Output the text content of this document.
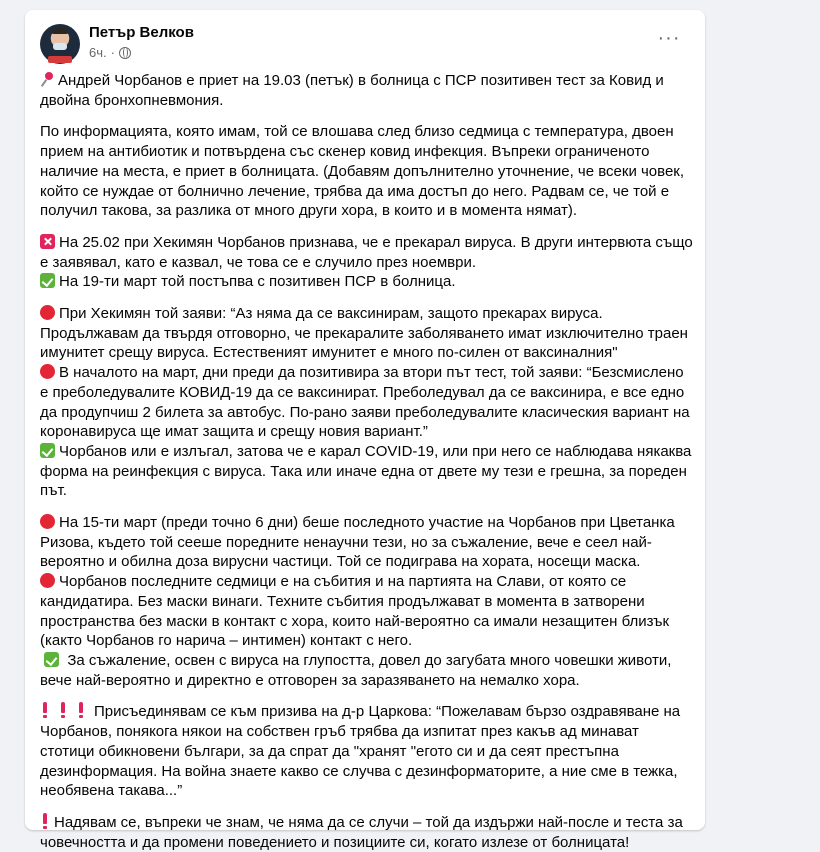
Петър Велков
6ч. ·
···

Андрей Чорбанов е приет на 19.03 (петък) в болница с ПСР позитивен тест за Ковид и двойна бронхопневмония.

По информацията, която имам, той се влошава след близо седмица с температура, двоен прием на антибиотик и потвърдена със скенер ковид инфекция. Въпреки ограниченото наличие на места, е приет в болницата. (Добавям допълнително уточнение, че всеки човек, който се нуждае от болнично лечение, трябва да има достъп до него. Радвам се, че той е получил такова, за разлика от много други хора, в които и в момента нямат).

На 25.02 при Хекимян Чорбанов признава, че е прекарал вируса. В други интервюта също е заявявал, като е казвал, че това се е случило през ноември.

На 19-ти март той постъпва с позитивен ПСР в болница.

При Хекимян той заяви: “Аз няма да се ваксинирам, защото прекарах вируса. Продължавам да твърдя отговорно, че прекаралите заболяването имат изключително траен имунитет срещу вируса. Естественият имунитет е много по-силен от ваксиналния"

В началото на март, дни преди да позитивира за втори път тест, той заяви: “Безсмислено е преболедувалите КОВИД-19 да се ваксинират. Преболедувал да се ваксинира, е все едно да продупчиш 2 билета за автобус. По-рано заяви преболедувалите класическия вариант на коронавируса ще имат защита и срещу новия вариант.”

Чорбанов или е излъгал, затова че е карал COVID-19, или при него се наблюдава някаква форма на реинфекция с вируса. Така или иначе една от двете му тези е грешна, за пореден път.

На 15-ти март (преди точно 6 дни) беше последното участие на Чорбанов при Цветанка Ризова, където той сееше поредните ненаучни тези, но за съжаление, вече е сеел най-вероятно и обилна доза вирусни частици. Той се подиграва на хората, носещи маска.

Чорбанов последните седмици е на събития и на партията на Слави, от която се кандидатира. Без маски винаги. Техните събития продължават в момента в затворени пространства без маски в контакт с хора, които най-вероятно са имали незащитен близък (както Чорбанов го нарича – интимен) контакт с него.

За съжаление, освен с вируса на глупостта, довел до загубата много човешки животи, вече най-вероятно и директно е отговорен за заразяването на немалко хора.

Присъединявам се към призива на д-р Царкова: “Пожелавам бързо оздравяване на Чорбанов, понякога някои на собствен гръб трябва да изпитат през какъв ад минават стотици обикновени българи, за да спрат да "хранят "егото си и да сеят престъпна дезинформация. На война знаете какво се случва с дезинформаторите, а ние сме в тежка, необявена такава...”

Надявам се, въпреки че знам, че няма да се случи – той да издържи най-после и теста за човечността и да промени поведението и позициите си, когато излезе от болницата!
